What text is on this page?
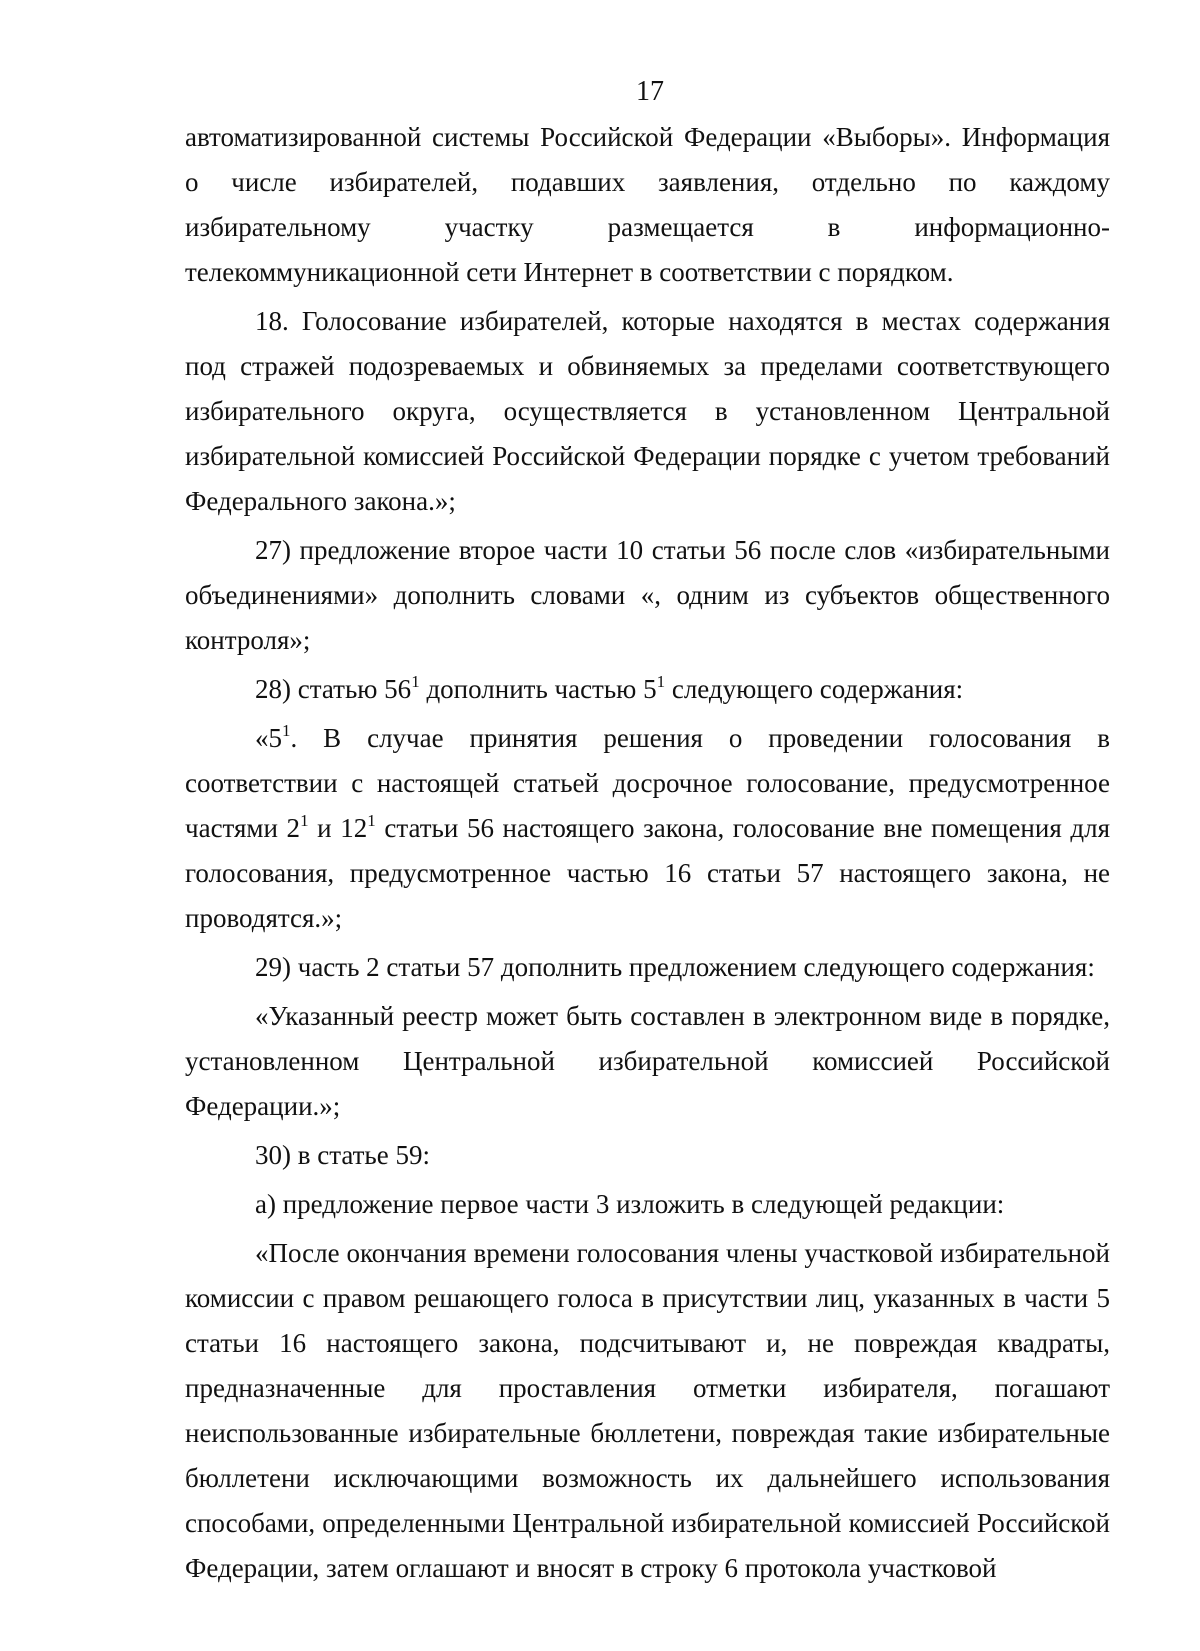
17

автоматизированной системы Российской Федерации «Выборы». Информация о числе избирателей, подавших заявления, отдельно по каждому избирательному участку размещается в информационно-телекоммуникационной сети Интернет в соответствии с порядком.

18. Голосование избирателей, которые находятся в местах содержания под стражей подозреваемых и обвиняемых за пределами соответствующего избирательного округа, осуществляется в установленном Центральной избирательной комиссией Российской Федерации порядке с учетом требований Федерального закона.»;

27) предложение второе части 10 статьи 56 после слов «избирательными объединениями» дополнить словами «, одним из субъектов общественного контроля»;

28) статью $56^1$ дополнить частью $5^1$ следующего содержания:

«$5^1$. В случае принятия решения о проведении голосования в соответствии с настоящей статьей досрочное голосование, предусмотренное частями $2^1$ и $12^1$ статьи 56 настоящего закона, голосование вне помещения для голосования, предусмотренное частью 16 статьи 57 настоящего закона, не проводятся.»;

29) часть 2 статьи 57 дополнить предложением следующего содержания:

«Указанный реестр может быть составлен в электронном виде в порядке, установленном Центральной избирательной комиссией Российской Федерации.»;

30) в статье 59:

а) предложение первое части 3 изложить в следующей редакции:

«После окончания времени голосования члены участковой избирательной комиссии с правом решающего голоса в присутствии лиц, указанных в части 5 статьи 16 настоящего закона, подсчитывают и, не повреждая квадраты, предназначенные для проставления отметки избирателя, погашают неиспользованные избирательные бюллетени, повреждая такие избирательные бюллетени исключающими возможность их дальнейшего использования способами, определенными Центральной избирательной комиссией Российской Федерации, затем оглашают и вносят в строку 6 протокола участковой
